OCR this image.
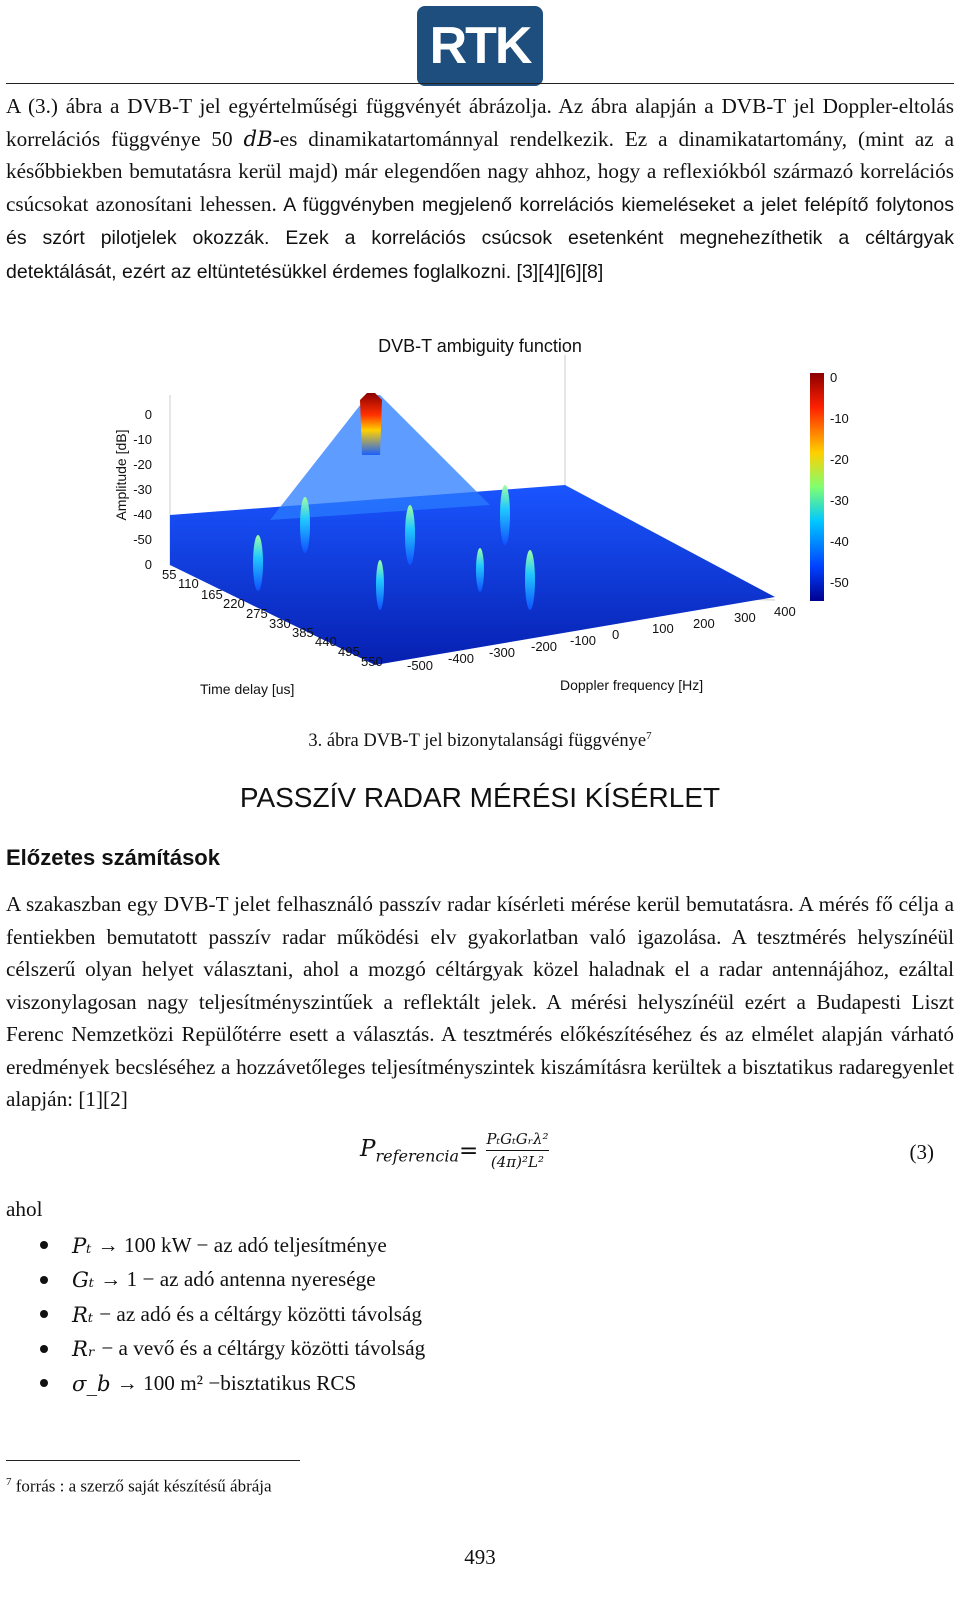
RTK

A (3.) ábra a DVB-T jel egyértelműségi függvényét ábrázolja. Az ábra alapján a DVB-T jel Doppler-eltolás korrelációs függvénye 50 dB-es dinamikatartománnyal rendelkezik. Ez a dinamikatartomány, (mint az a későbbiekben bemutatásra kerül majd) már elegendően nagy ahhoz, hogy a reflexiókból származó korrelációs csúcsokat azonosítani lehessen. A függvényben megjelenő korrelációs kiemeléseket a jelet felépítő folytonos és szórt pilotjelek okozzák. Ezek a korrelációs csúcsok esetenként megnehezíthetik a céltárgyak detektálását, ezért az eltüntetésükkel érdemes foglalkozni. [3][4][6][8]

DVB-T ambiguity function
0
-10
-20
-30
-40
-50
0
Amplitude [dB]
55
110
165
220
275
330
385
440
495
550
Time delay [us]
-500 -400 -300 -200 -100 0	100 200 300 400
Doppler frequency [Hz]
0
-10
-20
-30
-40
-50
3. ábra DVB-T jel bizonytalansági függvénye$^7$
PASSZÍV RADAR MÉRÉSI KÍSÉRLET
Előzetes számítások

A szakaszban egy DVB-T jelet felhasználó passzív radar kísérleti mérése kerül bemutatásra. A mérés fő célja a fentiekben bemutatott passzív radar működési elv gyakorlatban való igazolása. A tesztmérés helyszínéül célszerű olyan helyet választani, ahol a mozgó céltárgyak közel haladnak el a radar antennájához, ezáltal viszonylagosan nagy teljesítményszintűek a reflektált jelek. A mérési helyszínéül ezért a Budapesti Liszt Ferenc Nemzetközi Repülőtérre esett a választás. A tesztmérés előkészítéséhez és az elmélet alapján várható eredmények becsléséhez a hozzávetőleges teljesítményszintek kiszámításra kerültek a bisztatikus radaregyenlet alapján: [1][2]

$P_{referencia} = \frac{\text{PₜGₜGᵣλ²}}{\text{(4π)²L²}}$	(3)
ahol
Pₜ → 100 kW − az adó teljesítménye
Gₜ → 1 − az adó antenna nyeresége
Rₜ − az adó és a céltárgy közötti távolság
Rᵣ − a vevő és a céltárgy közötti távolság
σ_b → 100 m² −bisztatikus RCS
$^7$ forrás : a szerző saját készítésű ábrája
493
